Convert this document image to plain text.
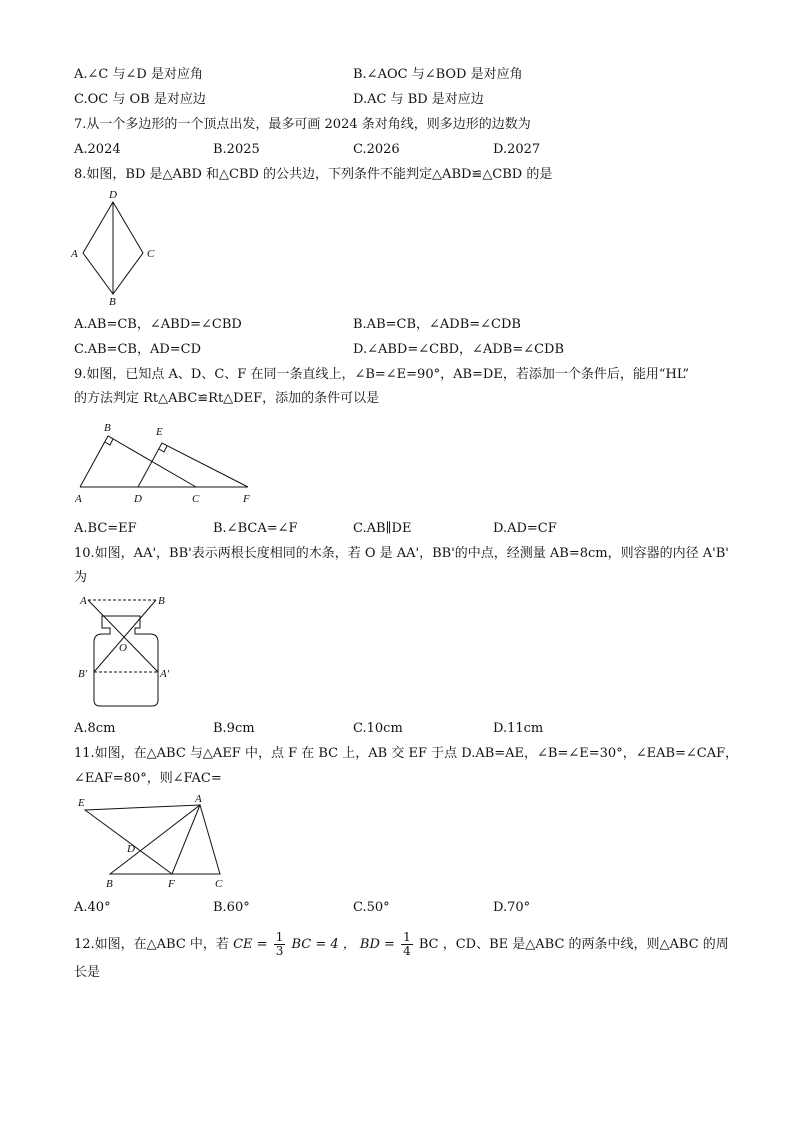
A.∠C 与∠D 是对应角	B.∠AOC 与∠BOD 是对应角
C.OC 与 OB 是对应边	D.AC 与 BD 是对应边
7.从一个多边形的一个顶点出发，最多可画 2024 条对角线，则多边形的边数为
A.2024	B.2025	C.2026	D.2027
8.如图，BD 是△ABD 和△CBD 的公共边，下列条件不能判定△ABD≌△CBD 的是
D
A	C
B
A.AB=CB，∠ABD=∠CBD	B.AB=CB，∠ADB=∠CDB
C.AB=CB，AD=CD	D.∠ABD=∠CBD，∠ADB=∠CDB
9.如图，已知点 A、D、C、F 在同一条直线上，∠B=∠E=90°，AB=DE，若添加一个条件后，能用“HL”
的方法判定 Rt△ABC≌Rt△DEF，添加的条件可以是
B	E
A	D	C	F
A.BC=EF	B.∠BCA=∠F	C.AB∥DE	D.AD=CF
10.如图，AA'，BB'表示两根长度相同的木条，若 O 是 AA'，BB'的中点，经测量 AB=8cm，则容器的内径 A'B'
为
A	B
O
B′	A′
A.8cm	B.9cm	C.10cm	D.11cm
11.如图，在△ABC 与△AEF 中，点 F 在 BC 上，AB 交 EF 于点 D.AB=AE，∠B=∠E=30°，∠EAB=∠CAF，
∠EAF=80°，则∠FAC=
E	A
D
B	F	C
A.40°	B.60°	C.50°	D.70°
12.如图，在△ABC 中，若 CE = $\frac{1}{3}$ BC = 4 ， BD = $\frac{1}{4}$ BC ，CD、BE 是△ABC 的两条中线，则△ABC 的周
长是
